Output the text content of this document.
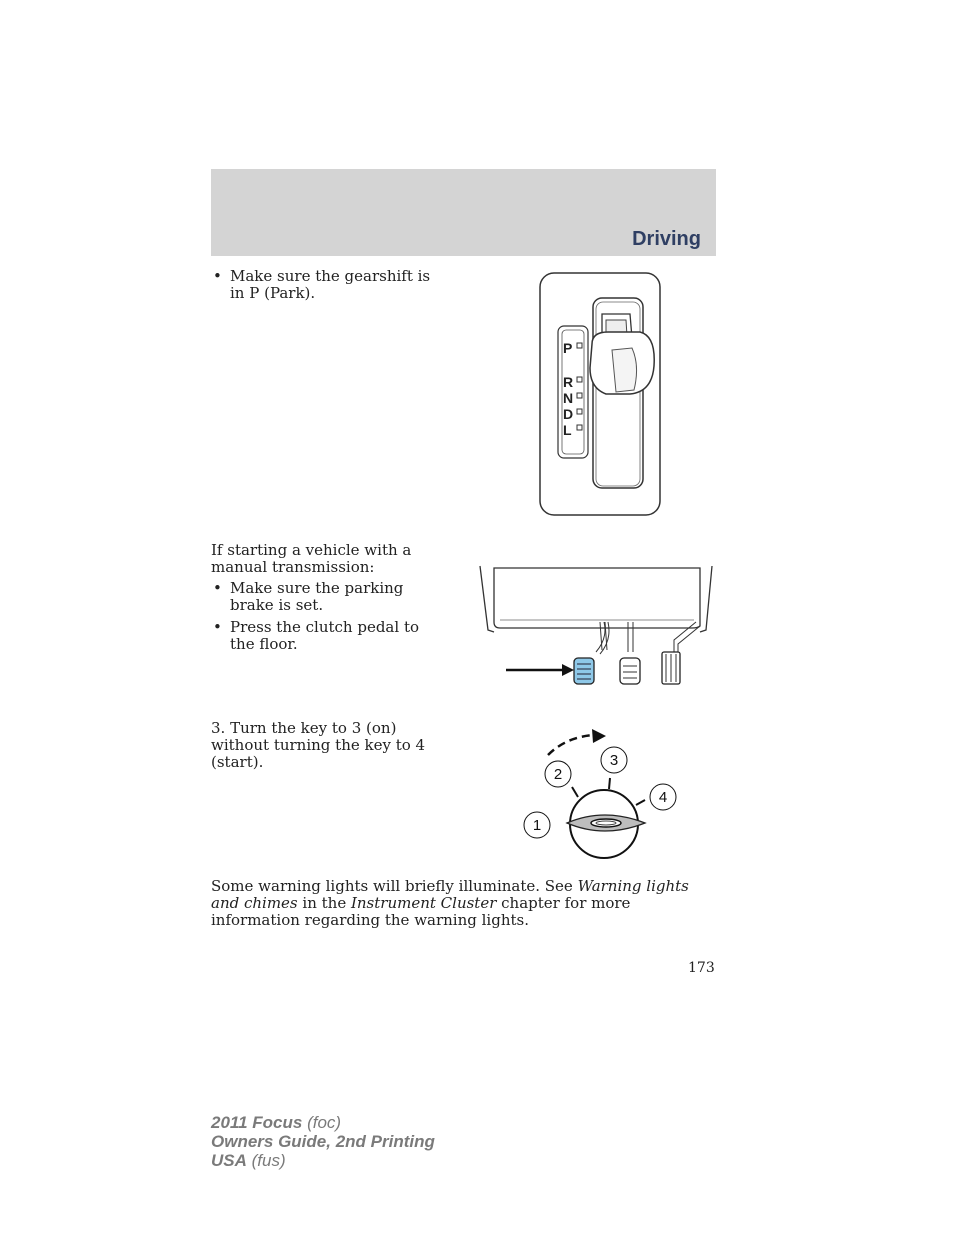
Driving
• Make sure the gearshift is in P (Park).
P
R
N
D
L
If starting a vehicle with a manual transmission:
• Make sure the parking brake is set.
• Press the clutch pedal to the floor.
3. Turn the key to 3 (on) without turning the key to 4 (start).
1
2
3
4
Some warning lights will briefly illuminate. See Warning lights and chimes in the Instrument Cluster chapter for more information regarding the warning lights.
173
2011 Focus (foc)
Owners Guide, 2nd Printing
USA (fus)
